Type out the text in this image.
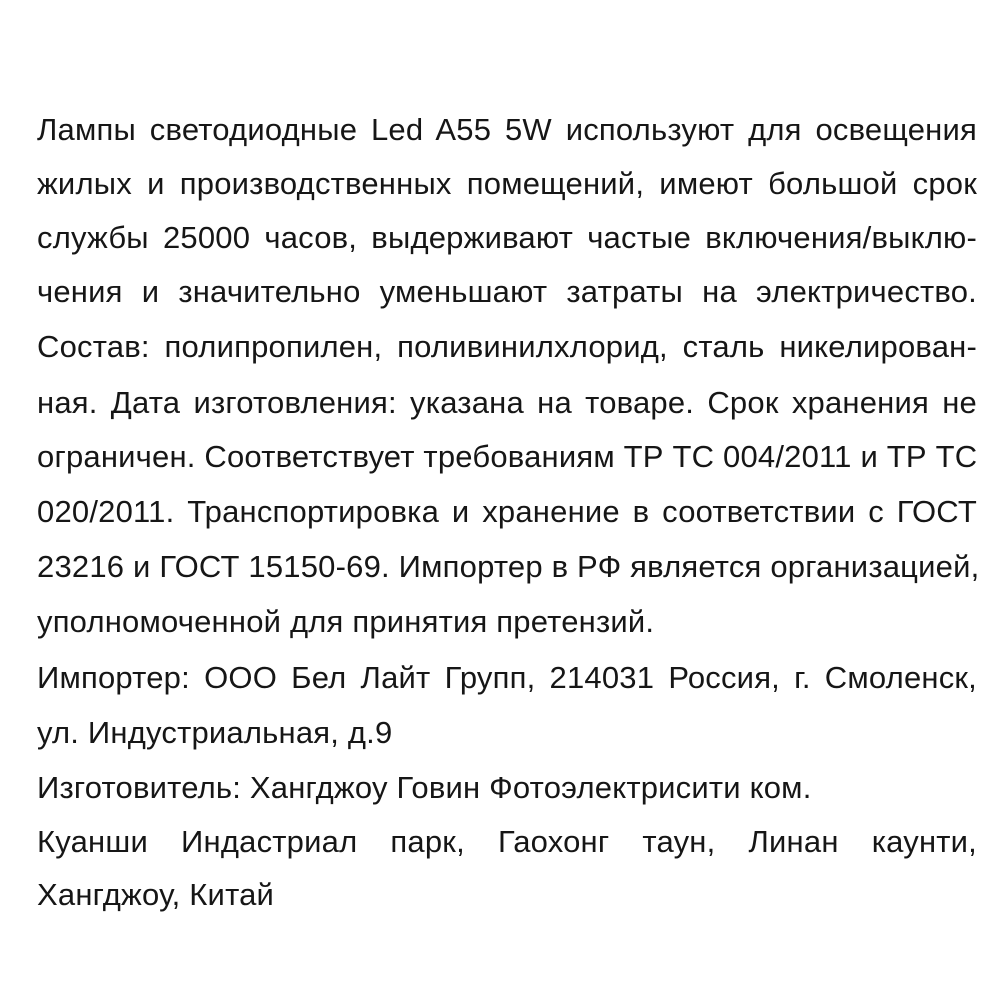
Лампы светодиодные Led A55 5W используют для освещения
жилых и производственных помещений, имеют большой срок
службы 25000 часов, выдерживают частые включения/выклю-
чения и значительно уменьшают затраты на электричество.
Состав: полипропилен, поливинилхлорид, сталь никелирован-
ная. Дата изготовления: указана на товаре. Срок хранения не
ограничен. Соответствует требованиям ТР ТС 004/2011 и ТР ТС
020/2011. Транспортировка и хранение в соответствии с ГОСТ
23216 и ГОСТ 15150-69. Импортер в РФ является организацией,
уполномоченной для принятия претензий.
Импортер: ООО Бел Лайт Групп, 214031 Россия, г. Смоленск,
ул. Индустриальная, д.9
Изготовитель: Хангджоу Говин Фотоэлектрисити ком.
Куанши Индастриал парк, Гаохонг таун, Линан каунти,
Хангджоу, Китай
